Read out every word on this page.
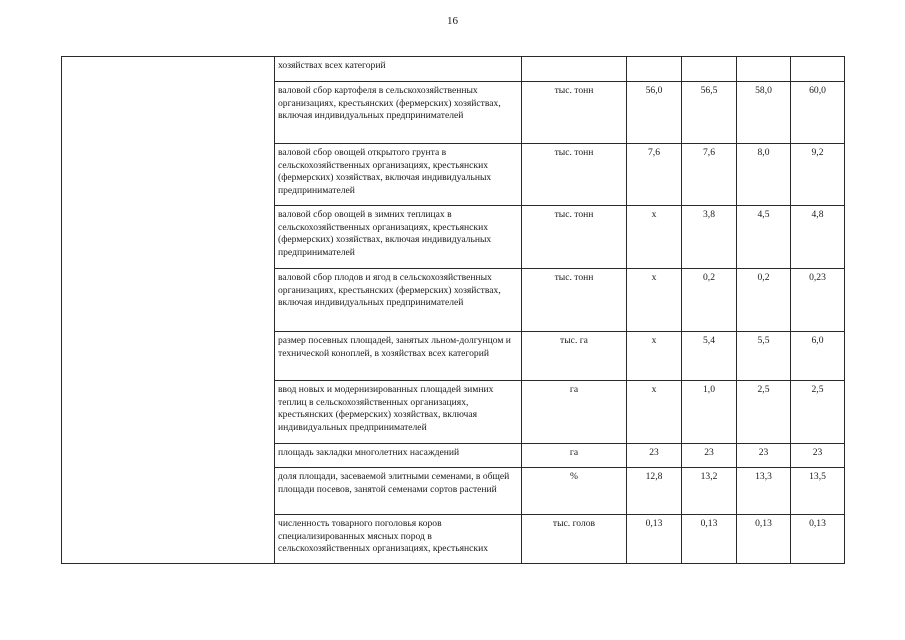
16
	хозяйствах всех категорий					
	валовой сбор картофеля в сельскохозяйственных организациях, крестьянских (фермерских) хозяйствах, включая индивидуальных предпринимателей	тыс. тонн	56,0	56,5	58,0	60,0
	валовой сбор овощей открытого грунта в сельскохозяйственных организациях, крестьянских (фермерских) хозяйствах, включая индивидуальных предпринимателей	тыс. тонн	7,6	7,6	8,0	9,2
	валовой сбор овощей в зимних теплицах в сельскохозяйственных организациях, крестьянских (фермерских) хозяйствах, включая индивидуальных предпринимателей	тыс. тонн	х	3,8	4,5	4,8
	валовой сбор плодов и ягод в сельскохозяйственных организациях, крестьянских (фермерских) хозяйствах, включая индивидуальных предпринимателей	тыс. тонн	х	0,2	0,2	0,23
	размер посевных площадей, занятых льном-долгунцом и технической коноплей, в хозяйствах всех категорий	тыс. га	х	5,4	5,5	6,0
	ввод новых и модернизированных площадей зимних теплиц в сельскохозяйственных организациях, крестьянских (фермерских) хозяйствах, включая индивидуальных предпринимателей	га	х	1,0	2,5	2,5
	площадь закладки многолетних насаждений	га	23	23	23	23
	доля площади, засеваемой элитными семенами, в общей площади посевов, занятой семенами сортов растений	%	12,8	13,2	13,3	13,5
	численность товарного поголовья коров специализированных мясных пород в сельскохозяйственных организациях, крестьянских	тыс. голов	0,13	0,13	0,13	0,13
